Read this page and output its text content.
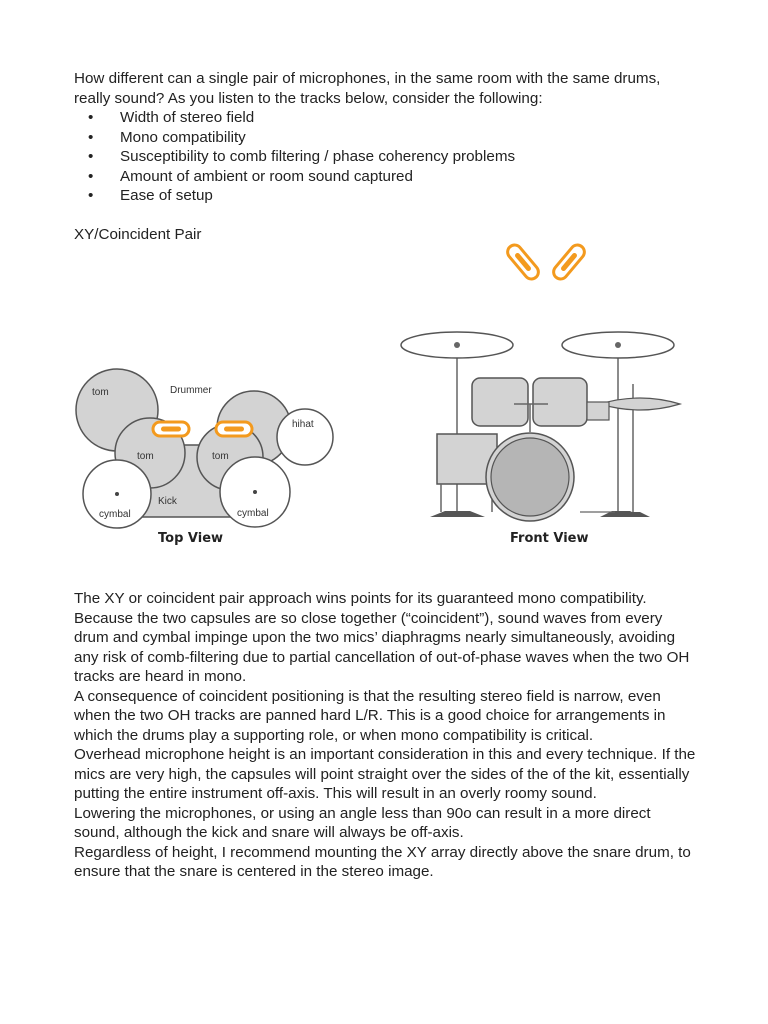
How different can a single pair of microphones, in the same room with the same drums, really sound? As you listen to the tracks below, consider the following:

• Width of stereo field
• Mono compatibility
• Susceptibility to comb filtering / phase coherency problems
• Amount of ambient or room sound captured
• Ease of setup
XY/Coincident Pair
tom	Drummer
hihat
tom	tom
Kick
cymbal	cymbal
Top View	Front View

The XY or coincident pair approach wins points for its guaranteed mono compatibility. Because the two capsules are so close together (“coincident”), sound waves from every drum and cymbal impinge upon the two mics’ diaphragms nearly simultaneously, avoiding any risk of comb-filtering due to partial cancellation of out-of-phase waves when the two OH tracks are heard in mono.

A consequence of coincident positioning is that the resulting stereo field is narrow, even when the two OH tracks are panned hard L/R. This is a good choice for arrangements in which the drums play a supporting role, or when mono compatibility is critical.

Overhead microphone height is an important consideration in this and every technique. If the mics are very high, the capsules will point straight over the sides of the of the kit, essentially putting the entire instrument off-axis. This will result in an overly roomy sound.

Lowering the microphones, or using an angle less than 90o can result in a more direct sound, although the kick and snare will always be off-axis.

Regardless of height, I recommend mounting the XY array directly above the snare drum, to ensure that the snare is centered in the stereo image.
